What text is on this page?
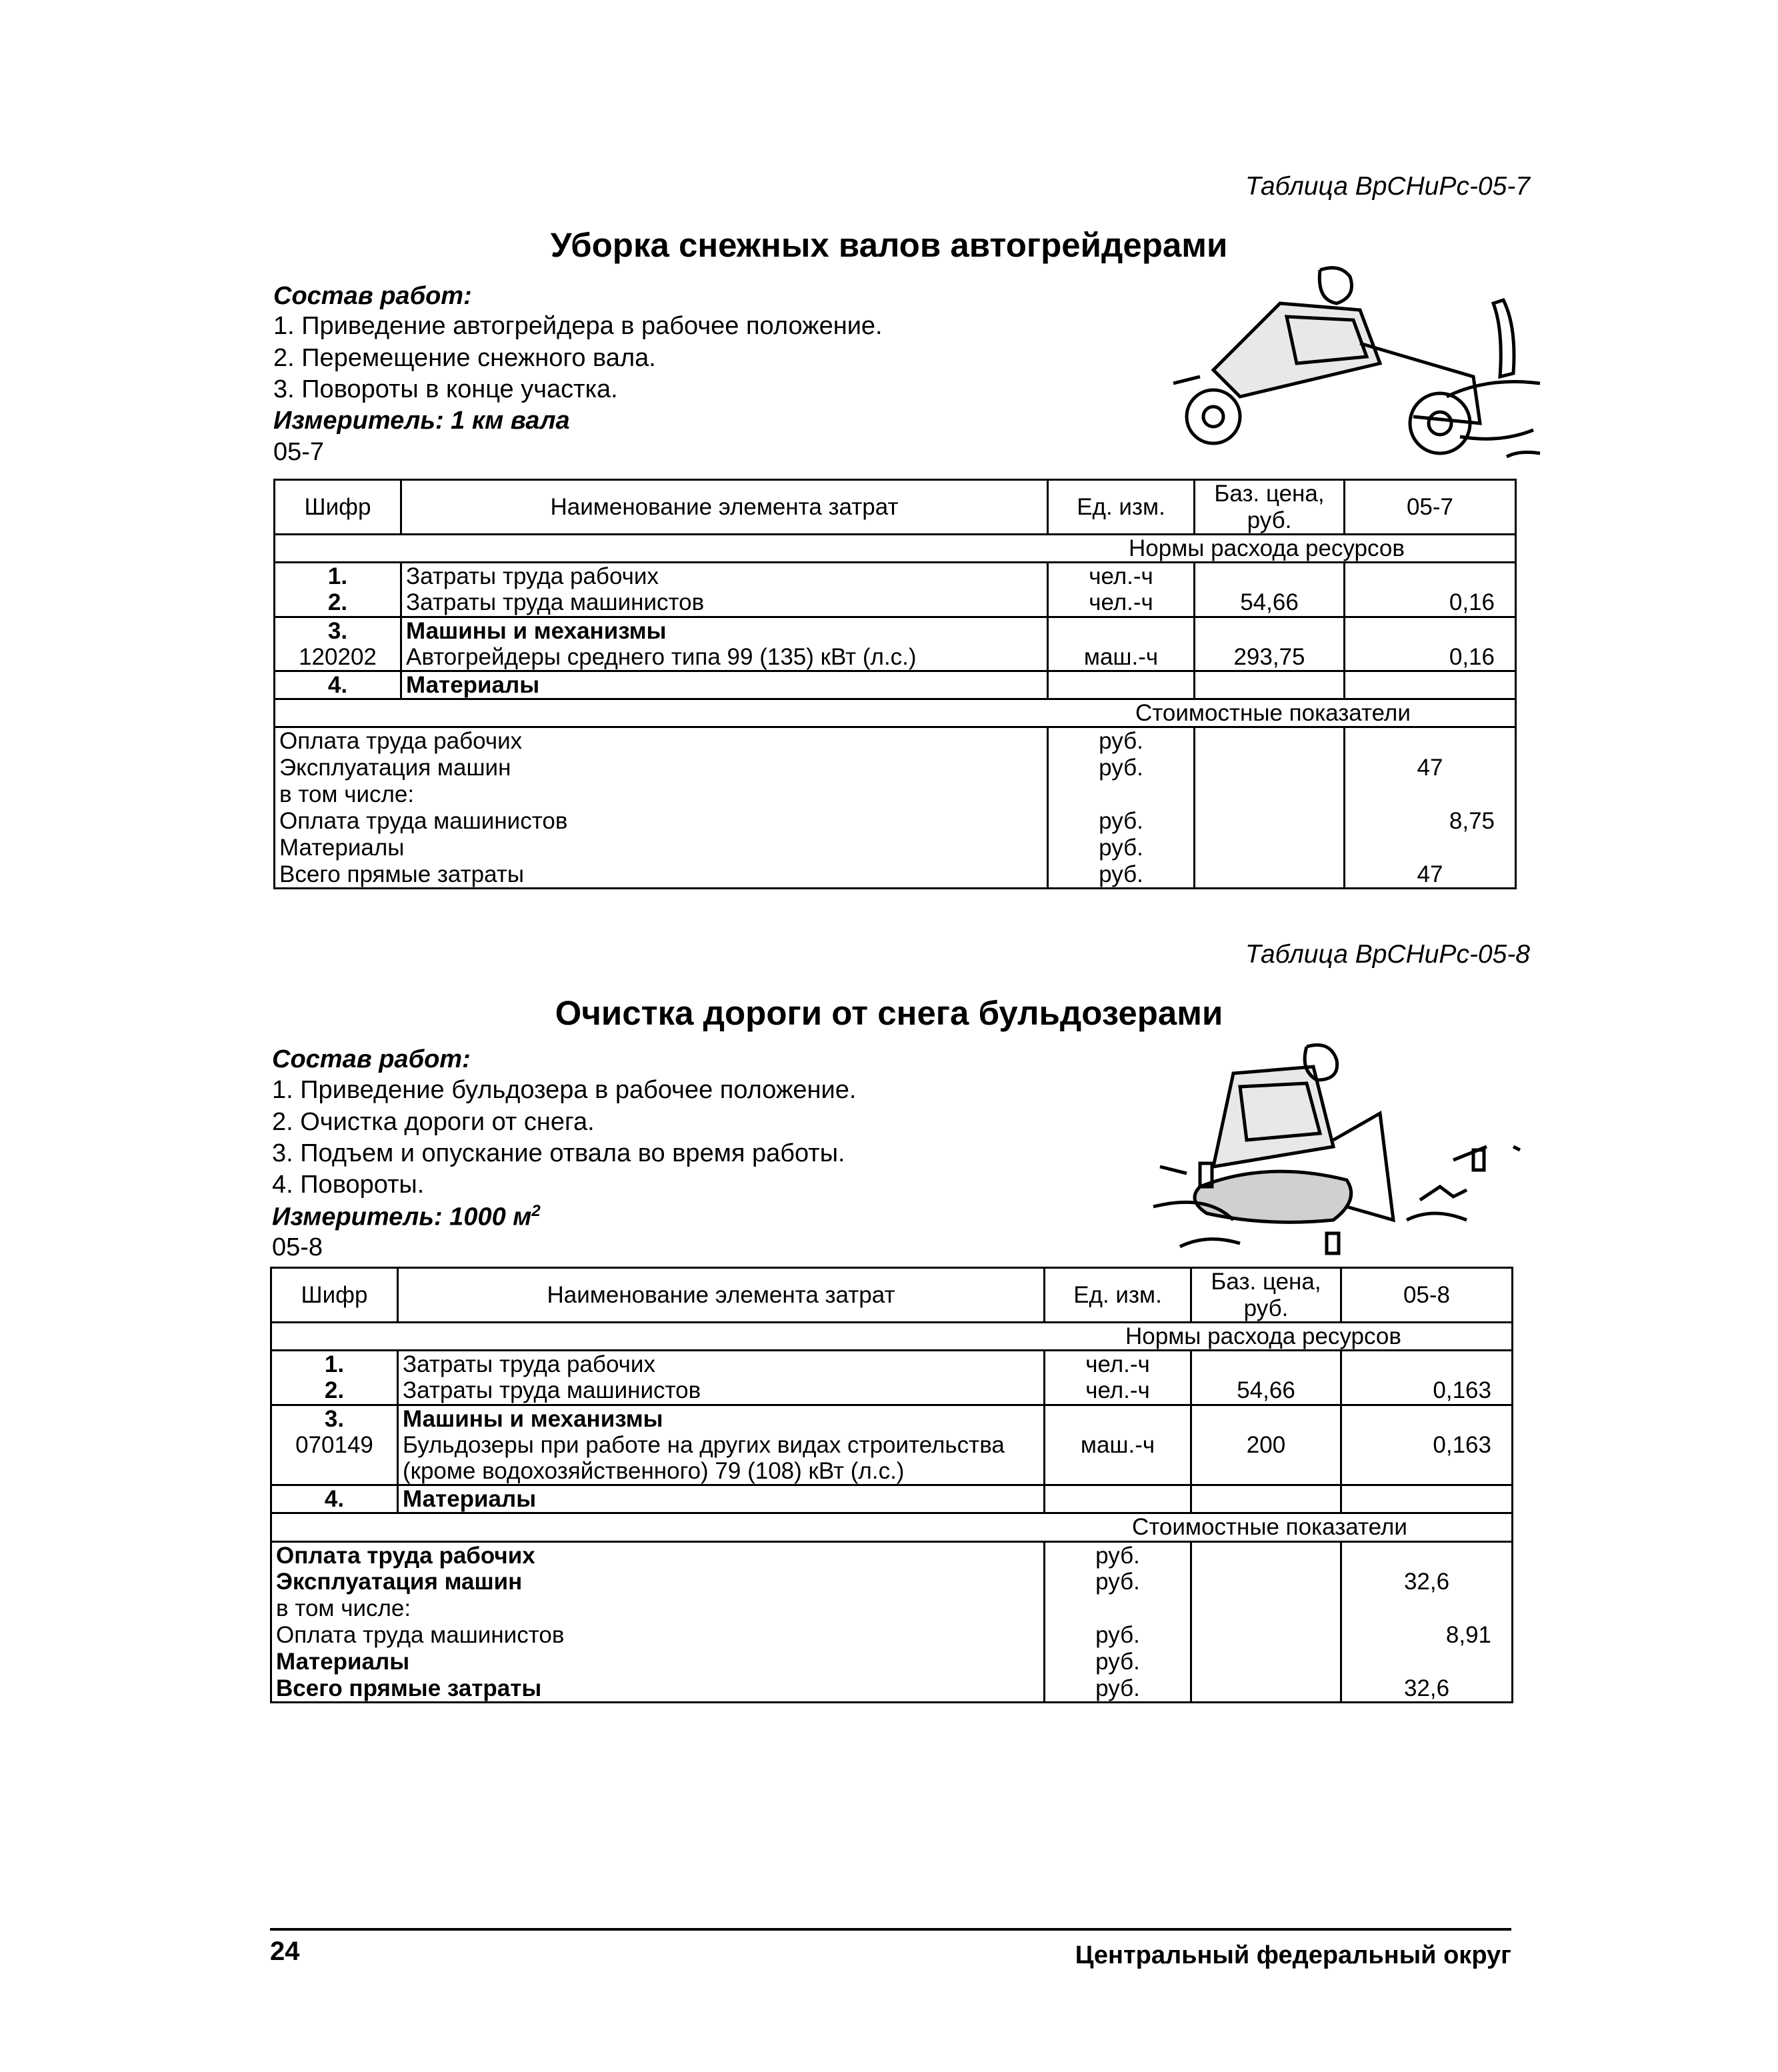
Таблица ВрСНиРс-05-7
Уборка снежных валов автогрейдерами
Состав работ:
1. Приведение автогрейдера в рабочее положение.
2. Перемещение снежного вала.
3. Повороты в конце участка.
Измеритель: 1 км вала
05-7
Шифр	Наименование элемента затрат	Ед. изм.	Баз. цена, руб.	05-7
Нормы расхода ресурсов				
1.	Затраты труда рабочих	чел.-ч		
2.	Затраты труда машинистов	чел.-ч	54,66	0,16
3.	Машины и механизмы			
120202	Автогрейдеры среднего типа 99 (135) кВт (л.с.)	маш.-ч	293,75	0,16
4.	Материалы			
Стоимостные показатели				
Оплата труда рабочих		руб.		
Эксплуатация машин		руб.		47
в том числе:				
Оплата труда машинистов		руб.		8,75
Материалы		руб.		
Всего прямые затраты		руб.		47
Таблица ВрСНиРс-05-8
Очистка дороги от снега бульдозерами
Состав работ:
1. Приведение бульдозера в рабочее положение.
2. Очистка дороги от снега.
3. Подъем и опускание отвала во время работы.
4. Повороты.
Измеритель: 1000 $м^2$
05-8
Шифр	Наименование элемента затрат	Ед. изм.	Баз. цена, руб.	05-8
Нормы расхода ресурсов				
1.	Затраты труда рабочих	чел.-ч		
2.	Затраты труда машинистов	чел.-ч	54,66	0,163
3.	Машины и механизмы			
070149	Бульдозеры при работе на других видах строительства (кроме водохозяйственного) 79 (108) кВт (л.с.)	маш.-ч	200	0,163
4.	Материалы			
Стоимостные показатели				
Оплата труда рабочих		руб.		
Эксплуатация машин		руб.		32,6
в том числе:				
Оплата труда машинистов		руб.		8,91
Материалы		руб.		
Всего прямые затраты		руб.		32,6
24	Центральный федеральный округ
